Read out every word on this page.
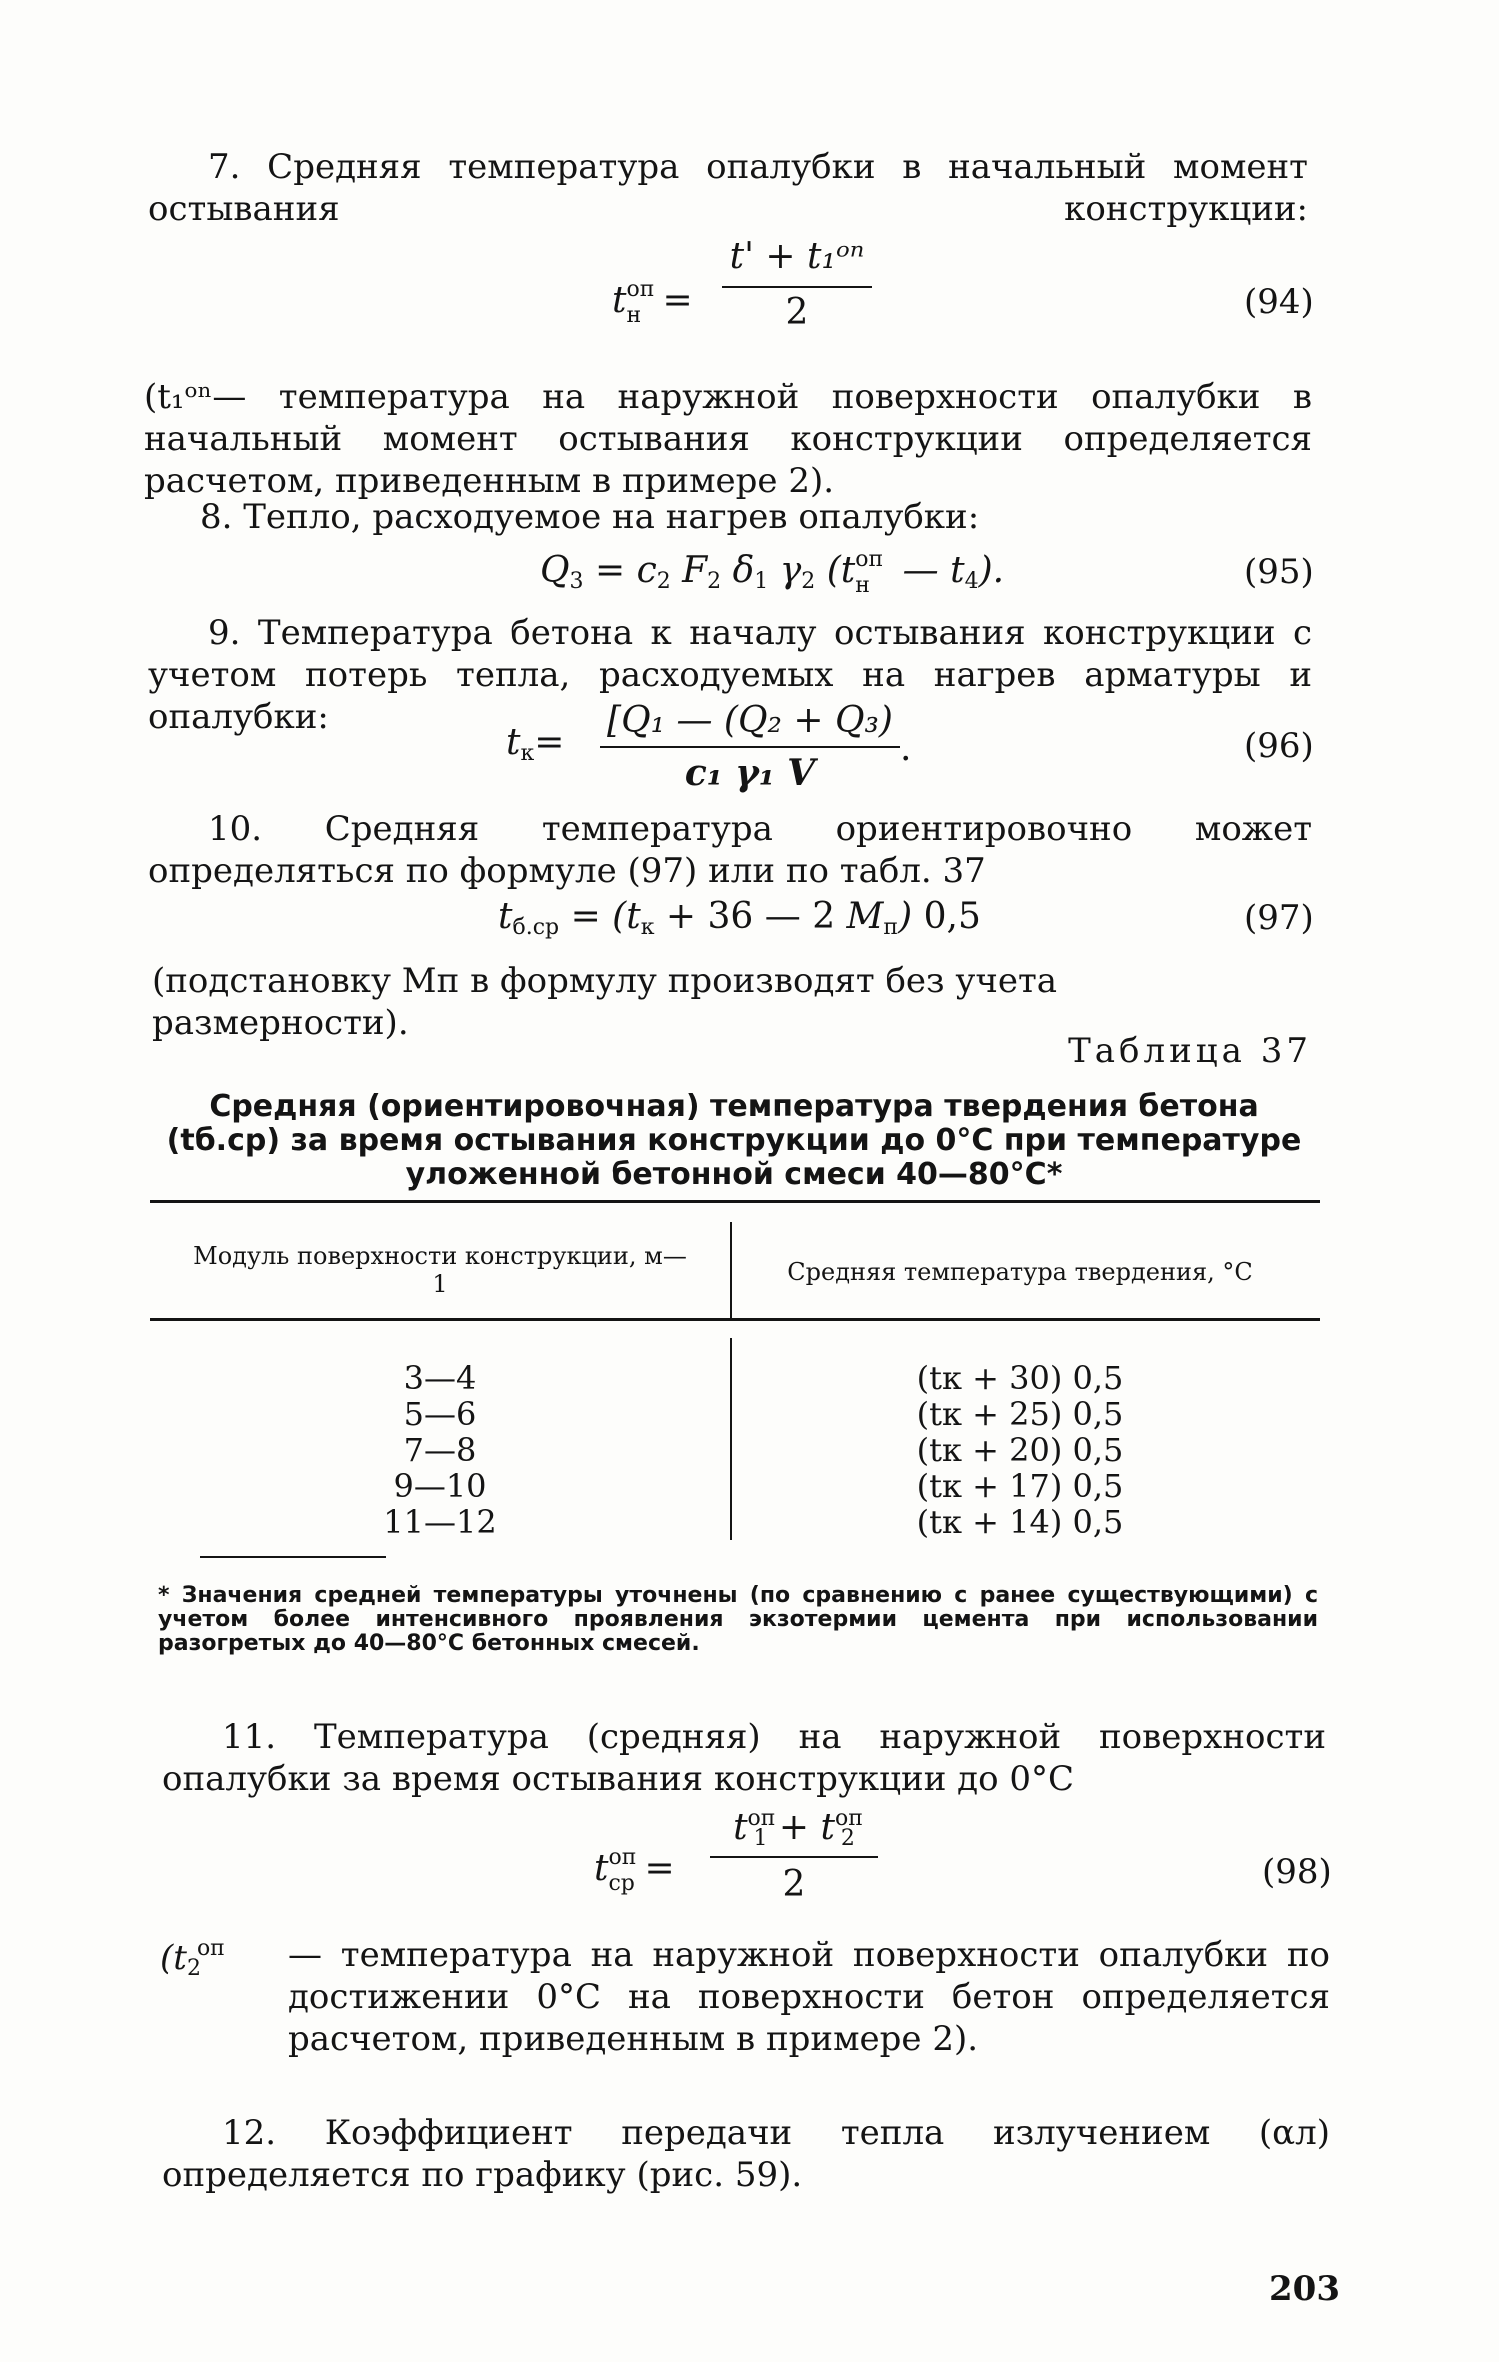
7. Средняя температура опалубки в начальный момент остывания конструкции:

t оп
н =
t' + t₁ᵒⁿ
2	(94)

(t₁ᵒⁿ— температура на наружной поверхности опалубки в начальный момент остывания конструкции определяется расчетом, приведенным в примере 2).

8. Тепло, расходуемое на нагрев опалубки:

$Q_3 = c_2$ $F_2$ $\delta_1$ $\gamma_2$ (t оп
н — $t_4$).	(95)

9. Температура бетона к началу остывания конструкции с учетом потерь тепла, расходуемых на нагрев арматуры и опалубки:

$t_к=$
[Q₁ — (Q₂ + Q₃)
c₁ γ₁ V
.	(96)

10. Средняя температура ориентировочно может определяться по формуле (97) или по табл. 37

$t_{б.ср} = (t_к + 36$ — 2 $M_п$) 0,5	(97)

(подстановку Mп в формулу производят без учета размерности).

Таблица 37
Средняя (ориентировочная) температура твердения бетона (tб.ср) за время остывания конструкции до 0°С при температуре уложенной бетонной смеси 40—80°С*
Модуль поверхности конструкции, м—1	Средняя температура твердения, °С
3—4	(tк + 30) 0,5
5—6	(tк + 25) 0,5
7—8	(tк + 20) 0,5
9—10	(tк + 17) 0,5
11—12	(tк + 14) 0,5
* Значения средней температуры уточнены (по сравнению с ранее существующими) с учетом более интенсивного проявления экзотермии цемента при использовании разогретых до 40—80°С бетонных смесей.

11. Температура (средняя) на наружной поверхности опалубки за время остывания конструкции до 0°С

t оп
ср =
$t^{оп}_1 + t^{оп}_2$
2	(98)
($t_2^{оп}$ — температура на наружной поверхности опалубки по достижении 0°С на поверхности бетон определяется расчетом, приведенным в примере 2).

12. Коэффициент передачи тепла излучением (αл) определяется по графику (рис. 59).

203
